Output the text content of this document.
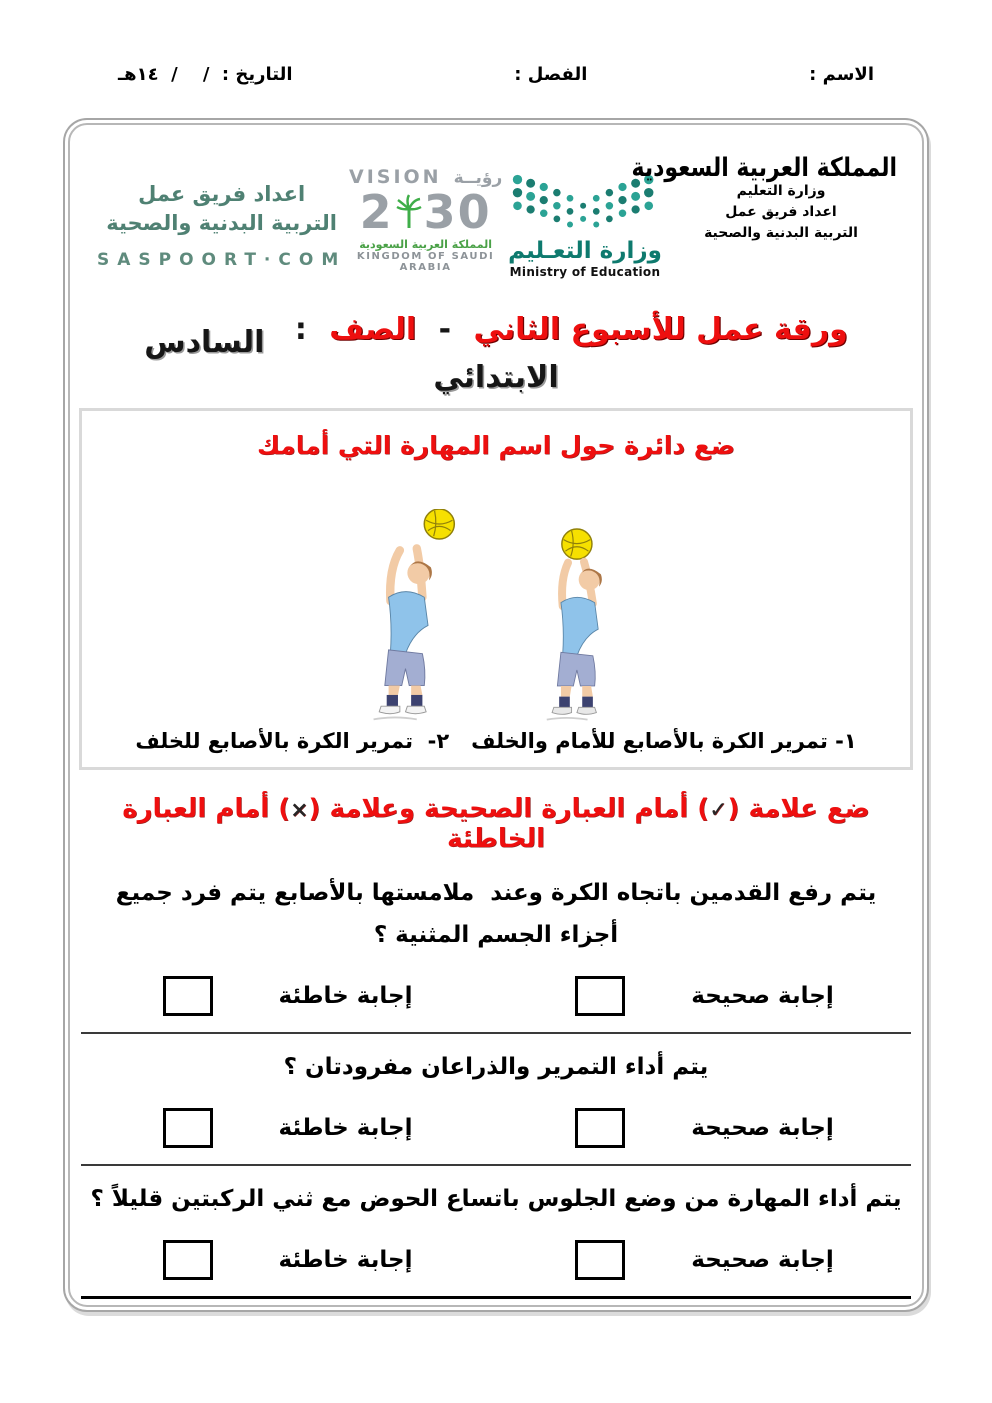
الاسم :
الفصل :
التاريخ :  /    /  ١٤هـ
المملكة العربية السعودية
وزارة التعليم
اعداد فريق عمل
التربية البدنية والصحية
وزارة التعـليم
Ministry of Education
VISION رؤيــة
2 30
المملكة العربية السعودية
KINGDOM OF SAUDI ARABIA
اعداد فريق عمل
التربية البدنية والصحية
SASPOORT·COM
ورقة عمل للأسبوع الثاني - الصف : السادس  الابتدائي
ضع دائرة حول اسم المهارة التي أمامك
١- تمرير الكرة بالأصابع للأمام والخلف   ٢-  تمرير الكرة بالأصابع للخلف
ضع علامة (✓) أمام العبارة الصحيحة وعلامة (×) أمام العبارة الخاطئة
يتم رفع القدمين باتجاه الكرة وعند  ملامستها بالأصابع يتم فرد جميع أجزاء الجسم المثنية ؟
إجابة صحيحة
إجابة خاطئة
يتم أداء التمرير والذراعان مفرودتان ؟
إجابة صحيحة
إجابة خاطئة
يتم أداء المهارة من وضع الجلوس باتساع الحوض مع ثني الركبتين قليلاً ؟
إجابة صحيحة
إجابة خاطئة
